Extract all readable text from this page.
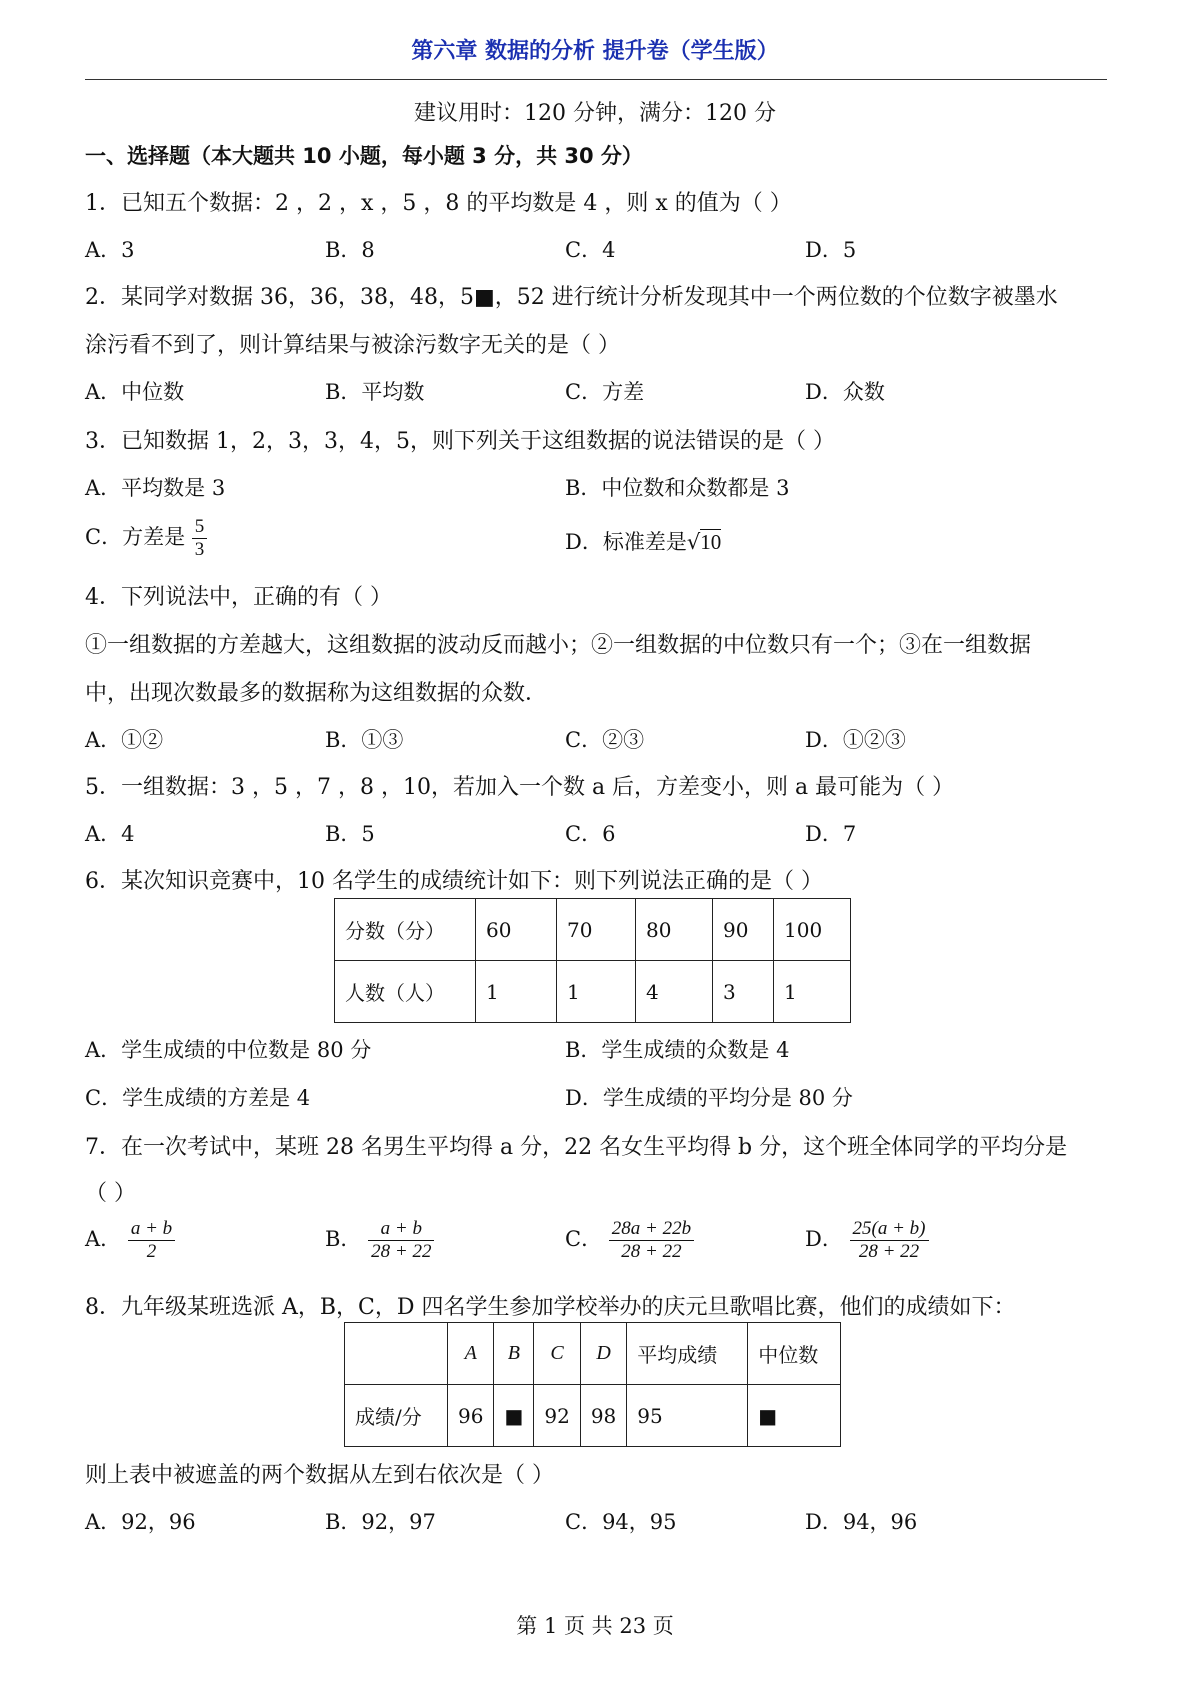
第六章 数据的分析 提升卷（学生版）
建议用时：120 分钟，满分：120 分
一、选择题（本大题共 10 小题，每小题 3 分，共 30 分）
1．已知五个数据：2 ，2 ，x ，5 ，8 的平均数是 4 ，则 x 的值为（ ）
A．3	B．8	C．4	D．5
2．某同学对数据 36，36，38，48，5■，52 进行统计分析发现其中一个两位数的个位数字被墨水
涂污看不到了，则计算结果与被涂污数字无关的是（ ）
A．中位数	B．平均数	C．方差	D．众数
3．已知数据 1，2，3，3，4，5，则下列关于这组数据的说法错误的是（ ）
A．平均数是 3	B．中位数和众数都是 3
C．方差是 $\frac{5}{3}$	D．标准差是√10
4．下列说法中，正确的有（ ）
①一组数据的方差越大，这组数据的波动反而越小；②一组数据的中位数只有一个；③在一组数据
中，出现次数最多的数据称为这组数据的众数．
A．①②	B．①③	C．②③	D．①②③
5．一组数据：3 ，5 ，7 ，8 ，10，若加入一个数 a 后，方差变小，则 a 最可能为（ ）
A．4	B．5	C．6	D．7
6．某次知识竞赛中，10 名学生的成绩统计如下：则下列说法正确的是（ ）
分数（分）	60	70	80	90	100
人数（人）	1	1	4	3	1
A．学生成绩的中位数是 80 分	B．学生成绩的众数是 4
C．学生成绩的方差是 4	D．学生成绩的平均分是 80 分
7．在一次考试中，某班 28 名男生平均得 a 分，22 名女生平均得 b 分，这个班全体同学的平均分是
（ ）
A． $\frac{a + b}{2}$	B． $\frac{a + b}{28 + 22}$	C． $\frac{28a + 22b}{28 + 22}$	D． $\frac{25(a + b)}{28 + 22}$
8．九年级某班选派 A，B，C，D 四名学生参加学校举办的庆元旦歌唱比赛，他们的成绩如下：
	A	B	C	D	平均成绩	中位数
成绩/分	96	■	92	98	95	■
则上表中被遮盖的两个数据从左到右依次是（ ）
A．92，96	B．92，97	C．94，95	D．94，96
第 1 页 共 23 页
